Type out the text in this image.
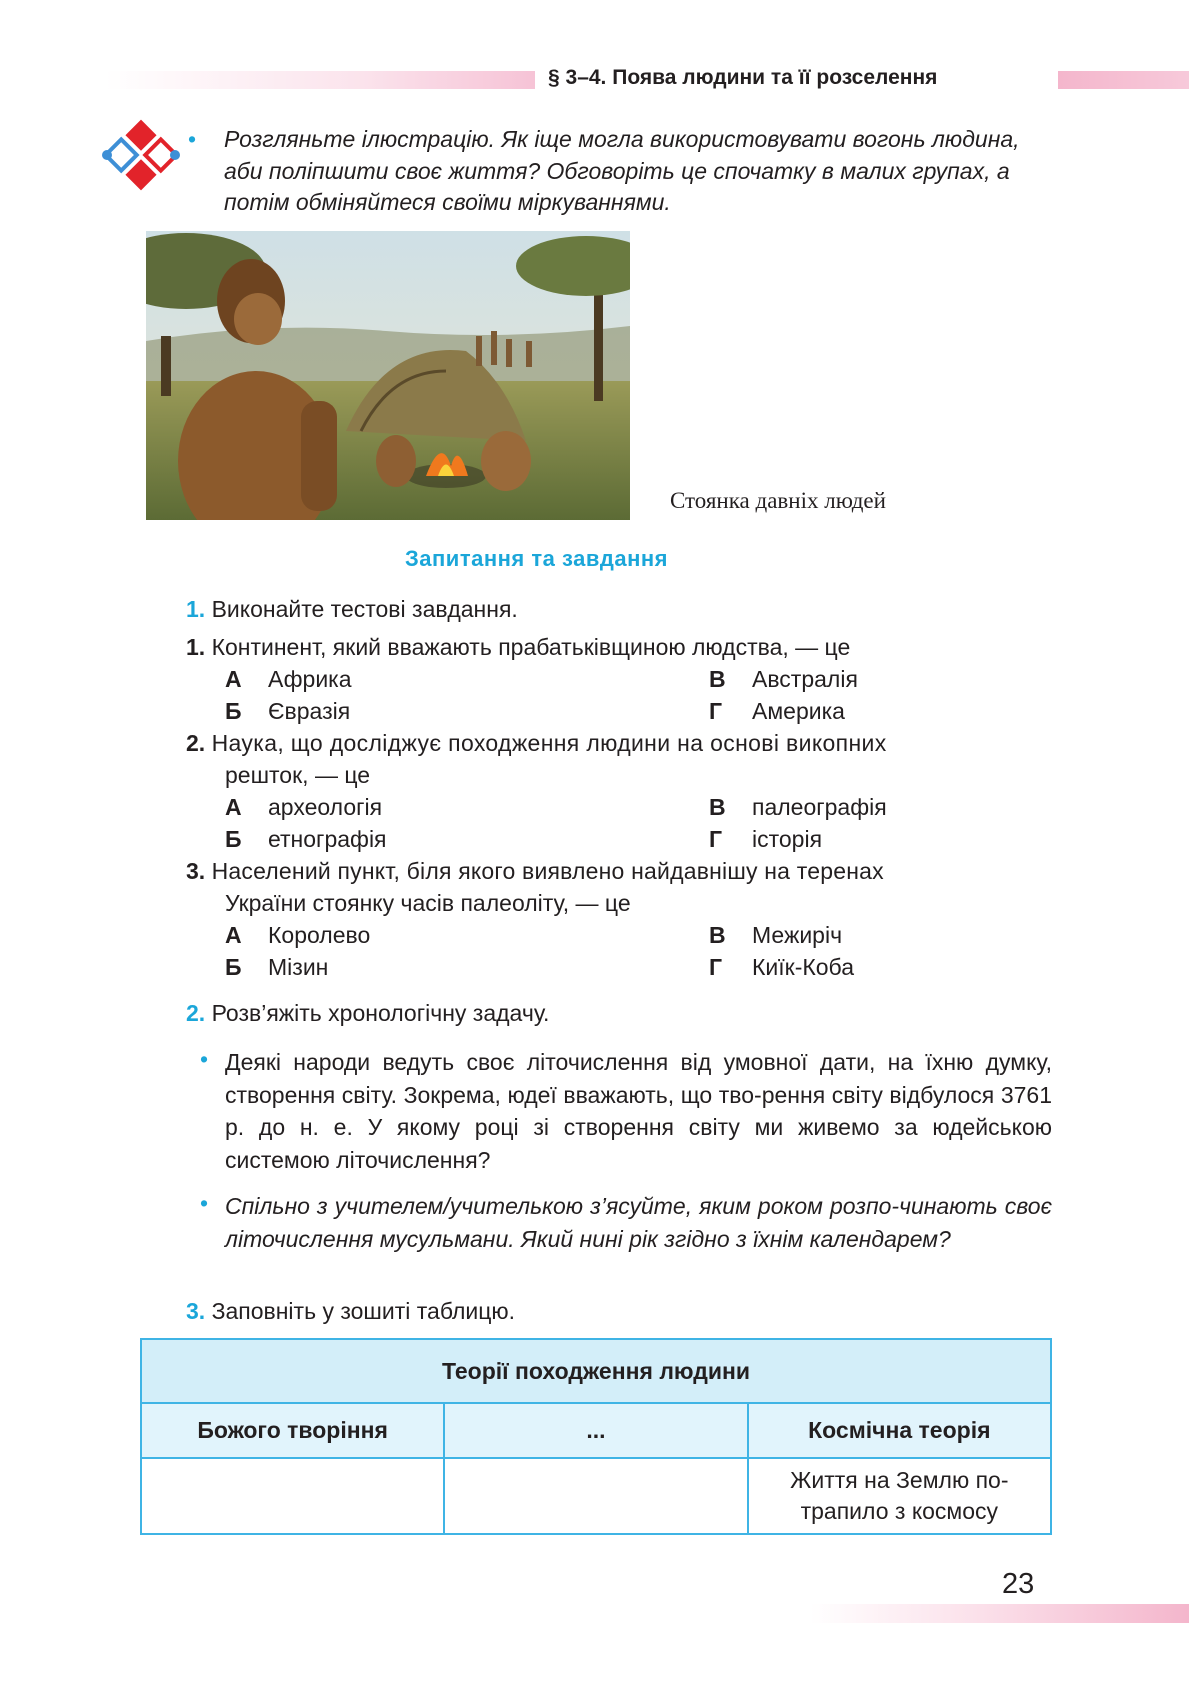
§ 3–4. Поява людини та її розселення
• Розгляньте ілюстрацію. Як іще могла використовувати вогонь людина, аби поліпшити своє життя? Обговоріть це спочатку в малих групах, а потім обміняйтеся своїми міркуваннями.
Стоянка давніх людей
Запитання та завдання
1. Виконайте тестові завдання.
1. Континент, який вважають прабатьківщиною людства, — це
А Африка	В Австралія
Б Євразія	Г Америка
2. Наука, що досліджує походження людини на основі викопних
решток, — це
А археологія	В палеографія
Б етнографія	Г історія
3. Населений пункт, біля якого виявлено найдавнішу на теренах
України стоянку часів палеоліту, — це
А Королево	В Межиріч
Б Мізин	Г Киїк-Коба
2. Розв’яжіть хронологічну задачу.
• Деякі народи ведуть своє літочислення від умовної дати, на їхню думку, створення світу. Зокрема, юдеї вважають, що тво-рення світу відбулося 3761 р. до н. е. У якому році зі створення світу ми живемо за юдейською системою літочислення?
• Спільно з учителем/учителькою з’ясуйте, яким роком розпо-чинають своє літочислення мусульмани. Який нині рік згідно з їхнім календарем?
3. Заповніть у зошиті таблицю.
Теорії походження людини		
Божого творіння	...	Космічна теорія
		Життя на Землю по-трапило з космосу
23
